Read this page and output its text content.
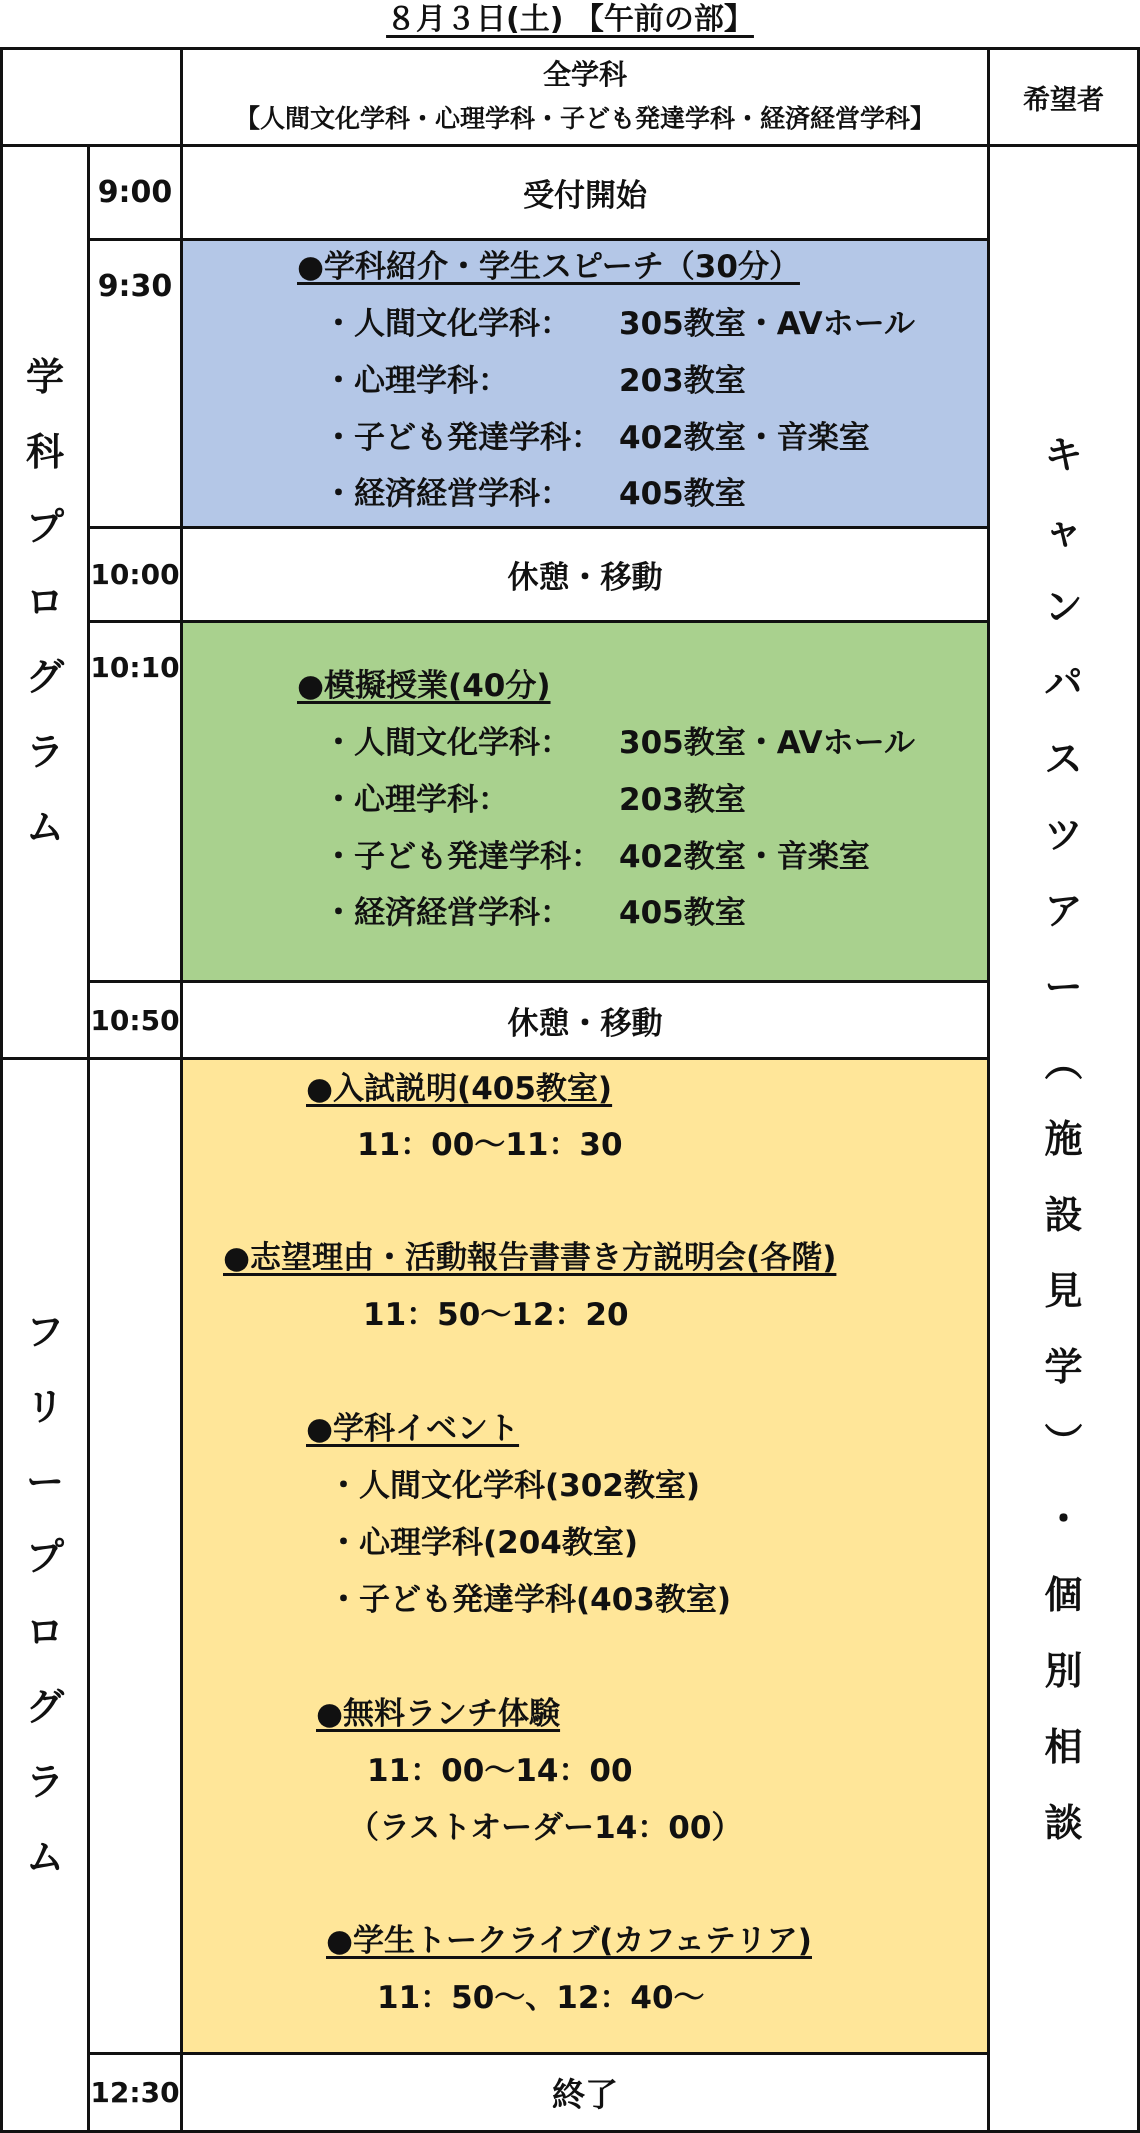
８月３日(土) 【午前の部】
全学科
【人間文化学科・心理学科・子ども発達学科・経済経営学科】
希望者
学
科
プ
ロ
グ
ラ
ム
フ
リ
ー
プ
ロ
グ
ラ
ム
9:00
9:30
10:00
10:10
10:50
12:30
受付開始
●学科紹介・学生スピーチ（30分）
・人間文化学科： 305教室・AVホール
・心理学科：	203教室
・子ども発達学科： 402教室・音楽室
・経済経営学科： 405教室
休憩・移動
●模擬授業(40分)
・人間文化学科： 305教室・AVホール
・心理学科：	203教室
・子ども発達学科： 402教室・音楽室
・経済経営学科： 405教室
休憩・移動
●入試説明(405教室)
11：00～11：30
●志望理由・活動報告書書き方説明会(各階)
11：50～12：20
●学科イベント
・人間文化学科(302教室)
・心理学科(204教室)
・子ども発達学科(403教室)
●無料ランチ体験
11：00～14：00
（ラストオーダー14：00）
●学生トークライブ(カフェテリア)
11：50～、12：40～
終了
キ
ャ
ン
パ
ス
ツ
ア
ー
︵
施
設
見
学
︶
・
個
別
相
談
